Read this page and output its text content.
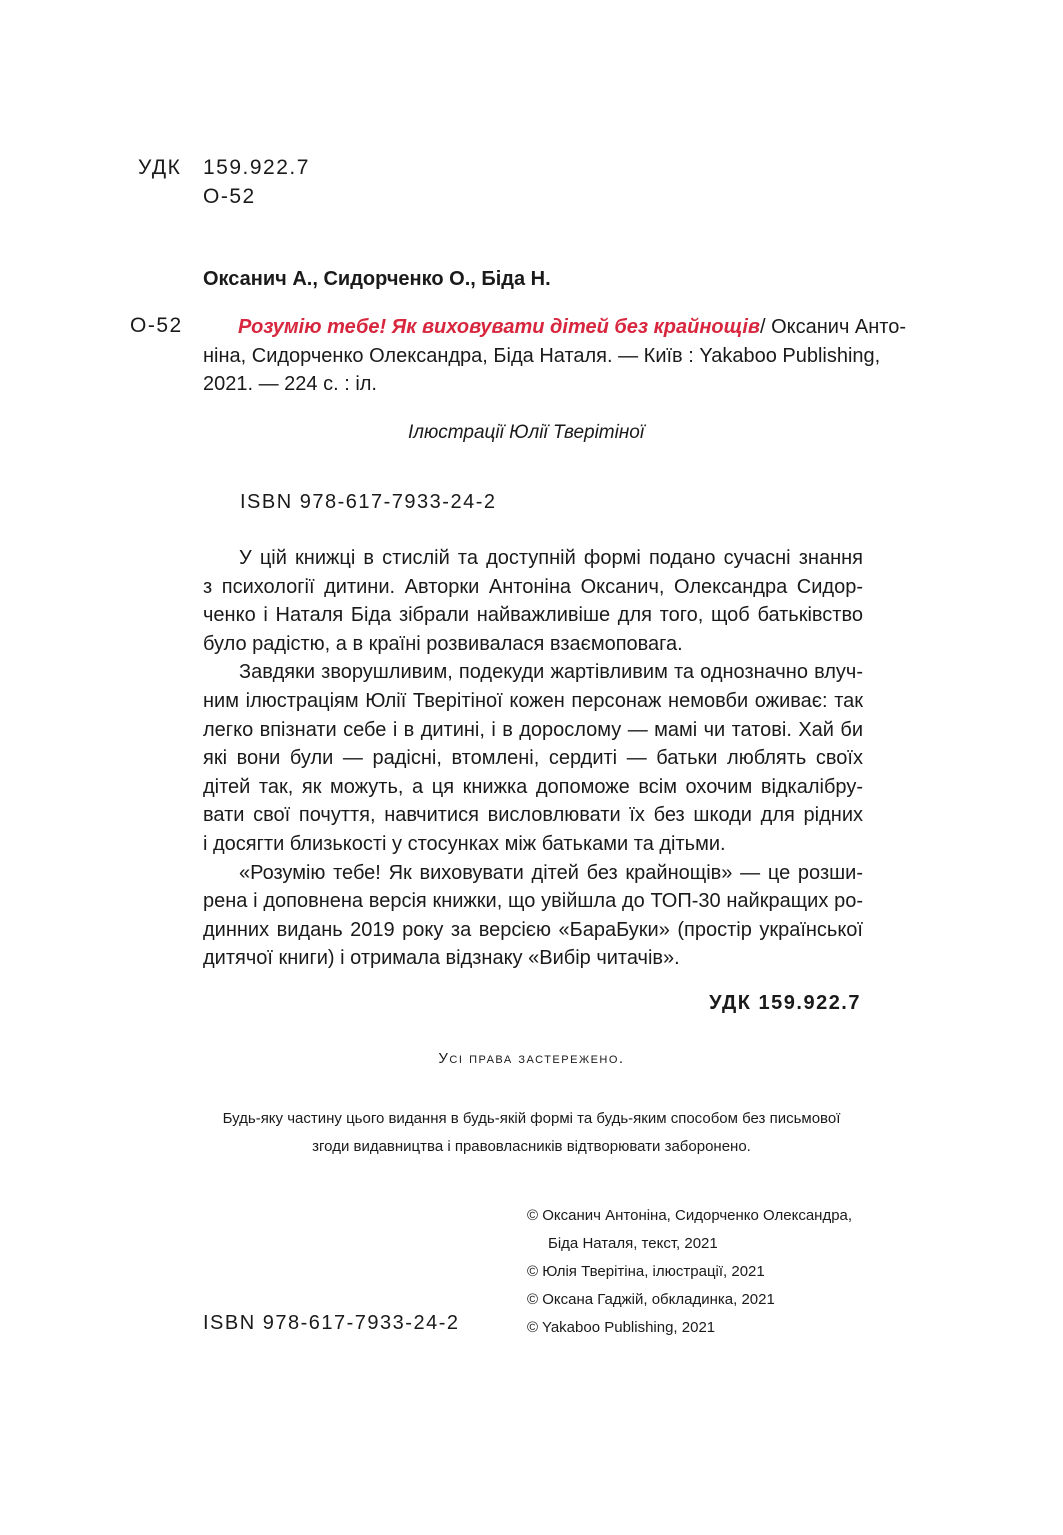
УДК 159.922.7
О-52
Оксанич А., Сидорченко О., Біда Н.
О-52	Розумію тебе! Як виховувати дітей без крайнощів / Оксанич Анто-
ніна, Сидорченко Олександра, Біда Наталя. — Київ : Yakaboo Publishing,
2021. — 224 с. : іл.
Ілюстрації Юлії Тверітіної
ISBN 978-617-7933-24-2
У цій книжці в стислій та доступній формі подано сучасні знання
з психології дитини. Авторки Антоніна Оксанич, Олександра Сидор-
ченко і Наталя Біда зібрали найважливіше для того, щоб батьківство
було радістю, а в країні розвивалася взаємоповага.
Завдяки зворушливим, подекуди жартівливим та однозначно влуч-
ним ілюстраціям Юлії Тверітіної кожен персонаж немовби оживає: так
легко впізнати себе і в дитині, і в дорослому — мамі чи татові. Хай би
які вони були — радісні, втомлені, сердиті — батьки люблять своїх
дітей так, як можуть, а ця книжка допоможе всім охочим відкалібру-
вати свої почуття, навчитися висловлювати їх без шкоди для рідних
і досягти близькості у стосунках між батьками та дітьми.
«Розумію тебе! Як виховувати дітей без крайнощів» — це розши-
рена і доповнена версія книжки, що увійшла до ТОП-30 найкращих ро-
динних видань 2019 року за версією «БараБуки» (простір української
дитячої книги) і отримала відзнаку «Вибір читачів».
УДК 159.922.7
Усі права застережено.
Будь-яку частину цього видання в будь-якій формі та будь-яким способом без письмової
згоди видавництва і правовласників відтворювати заборонено.
© Оксанич Антоніна, Сидорченко Олександра,
Біда Наталя, текст, 2021
© Юлія Тверітіна, ілюстрації, 2021
© Оксана Гаджій, обкладинка, 2021
© Yakaboo Publishing, 2021
ISBN 978-617-7933-24-2
